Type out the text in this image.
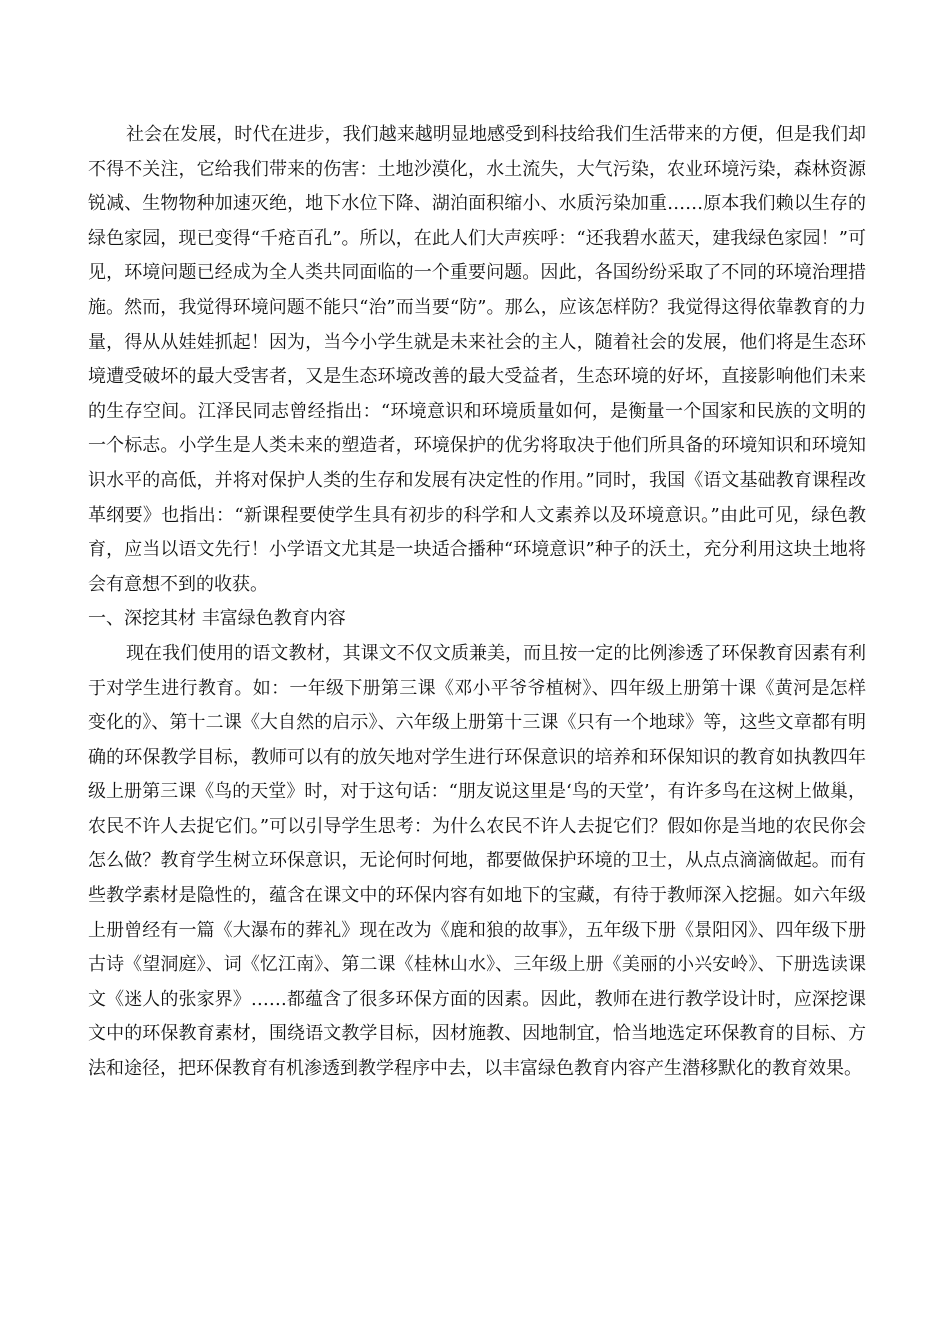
社会在发展，时代在进步，我们越来越明显地感受到科技给我们生活带来的方便，但是我们却不得不关注，它给我们带来的伤害：土地沙漠化，水土流失，大气污染，农业环境污染，森林资源锐减、生物物种加速灭绝，地下水位下降、湖泊面积缩小、水质污染加重……原本我们赖以生存的绿色家园，现已变得“千疮百孔”。所以，在此人们大声疾呼：“还我碧水蓝天，建我绿色家园！”可见，环境问题已经成为全人类共同面临的一个重要问题。因此，各国纷纷采取了不同的环境治理措施。然而，我觉得环境问题不能只“治”而当要“防”。那么，应该怎样防？我觉得这得依靠教育的力量，得从从娃娃抓起！因为，当今小学生就是未来社会的主人，随着社会的发展，他们将是生态环境遭受破坏的最大受害者，又是生态环境改善的最大受益者，生态环境的好坏，直接影响他们未来的生存空间。江泽民同志曾经指出：“环境意识和环境质量如何，是衡量一个国家和民族的文明的一个标志。小学生是人类未来的塑造者，环境保护的优劣将取决于他们所具备的环境知识和环境知识水平的高低，并将对保护人类的生存和发展有决定性的作用。”同时，我国《语文基础教育课程改革纲要》也指出：“新课程要使学生具有初步的科学和人文素养以及环境意识。”由此可见，绿色教育，应当以语文先行！小学语文尤其是一块适合播种“环境意识”种子的沃土，充分利用这块土地将会有意想不到的收获。

一、深挖其材 丰富绿色教育内容

现在我们使用的语文教材，其课文不仅文质兼美，而且按一定的比例渗透了环保教育因素有利于对学生进行教育。如：一年级下册第三课《邓小平爷爷植树》、四年级上册第十课《黄河是怎样变化的》、第十二课《大自然的启示》、六年级上册第十三课《只有一个地球》等，这些文章都有明确的环保教学目标，教师可以有的放矢地对学生进行环保意识的培养和环保知识的教育如执教四年级上册第三课《鸟的天堂》时，对于这句话：“朋友说这里是‘鸟的天堂’，有许多鸟在这树上做巢，农民不许人去捉它们。”可以引导学生思考：为什么农民不许人去捉它们？假如你是当地的农民你会怎么做？教育学生树立环保意识，无论何时何地，都要做保护环境的卫士，从点点滴滴做起。而有些教学素材是隐性的，蕴含在课文中的环保内容有如地下的宝藏，有待于教师深入挖掘。如六年级上册曾经有一篇《大瀑布的葬礼》现在改为《鹿和狼的故事》，五年级下册《景阳冈》、四年级下册古诗《望洞庭》、词《忆江南》、第二课《桂林山水》、三年级上册《美丽的小兴安岭》、下册选读课文《迷人的张家界》……都蕴含了很多环保方面的因素。因此，教师在进行教学设计时，应深挖课文中的环保教育素材，围绕语文教学目标，因材施教、因地制宜，恰当地选定环保教育的目标、方法和途径，把环保教育有机渗透到教学程序中去，以丰富绿色教育内容产生潜移默化的教育效果。
